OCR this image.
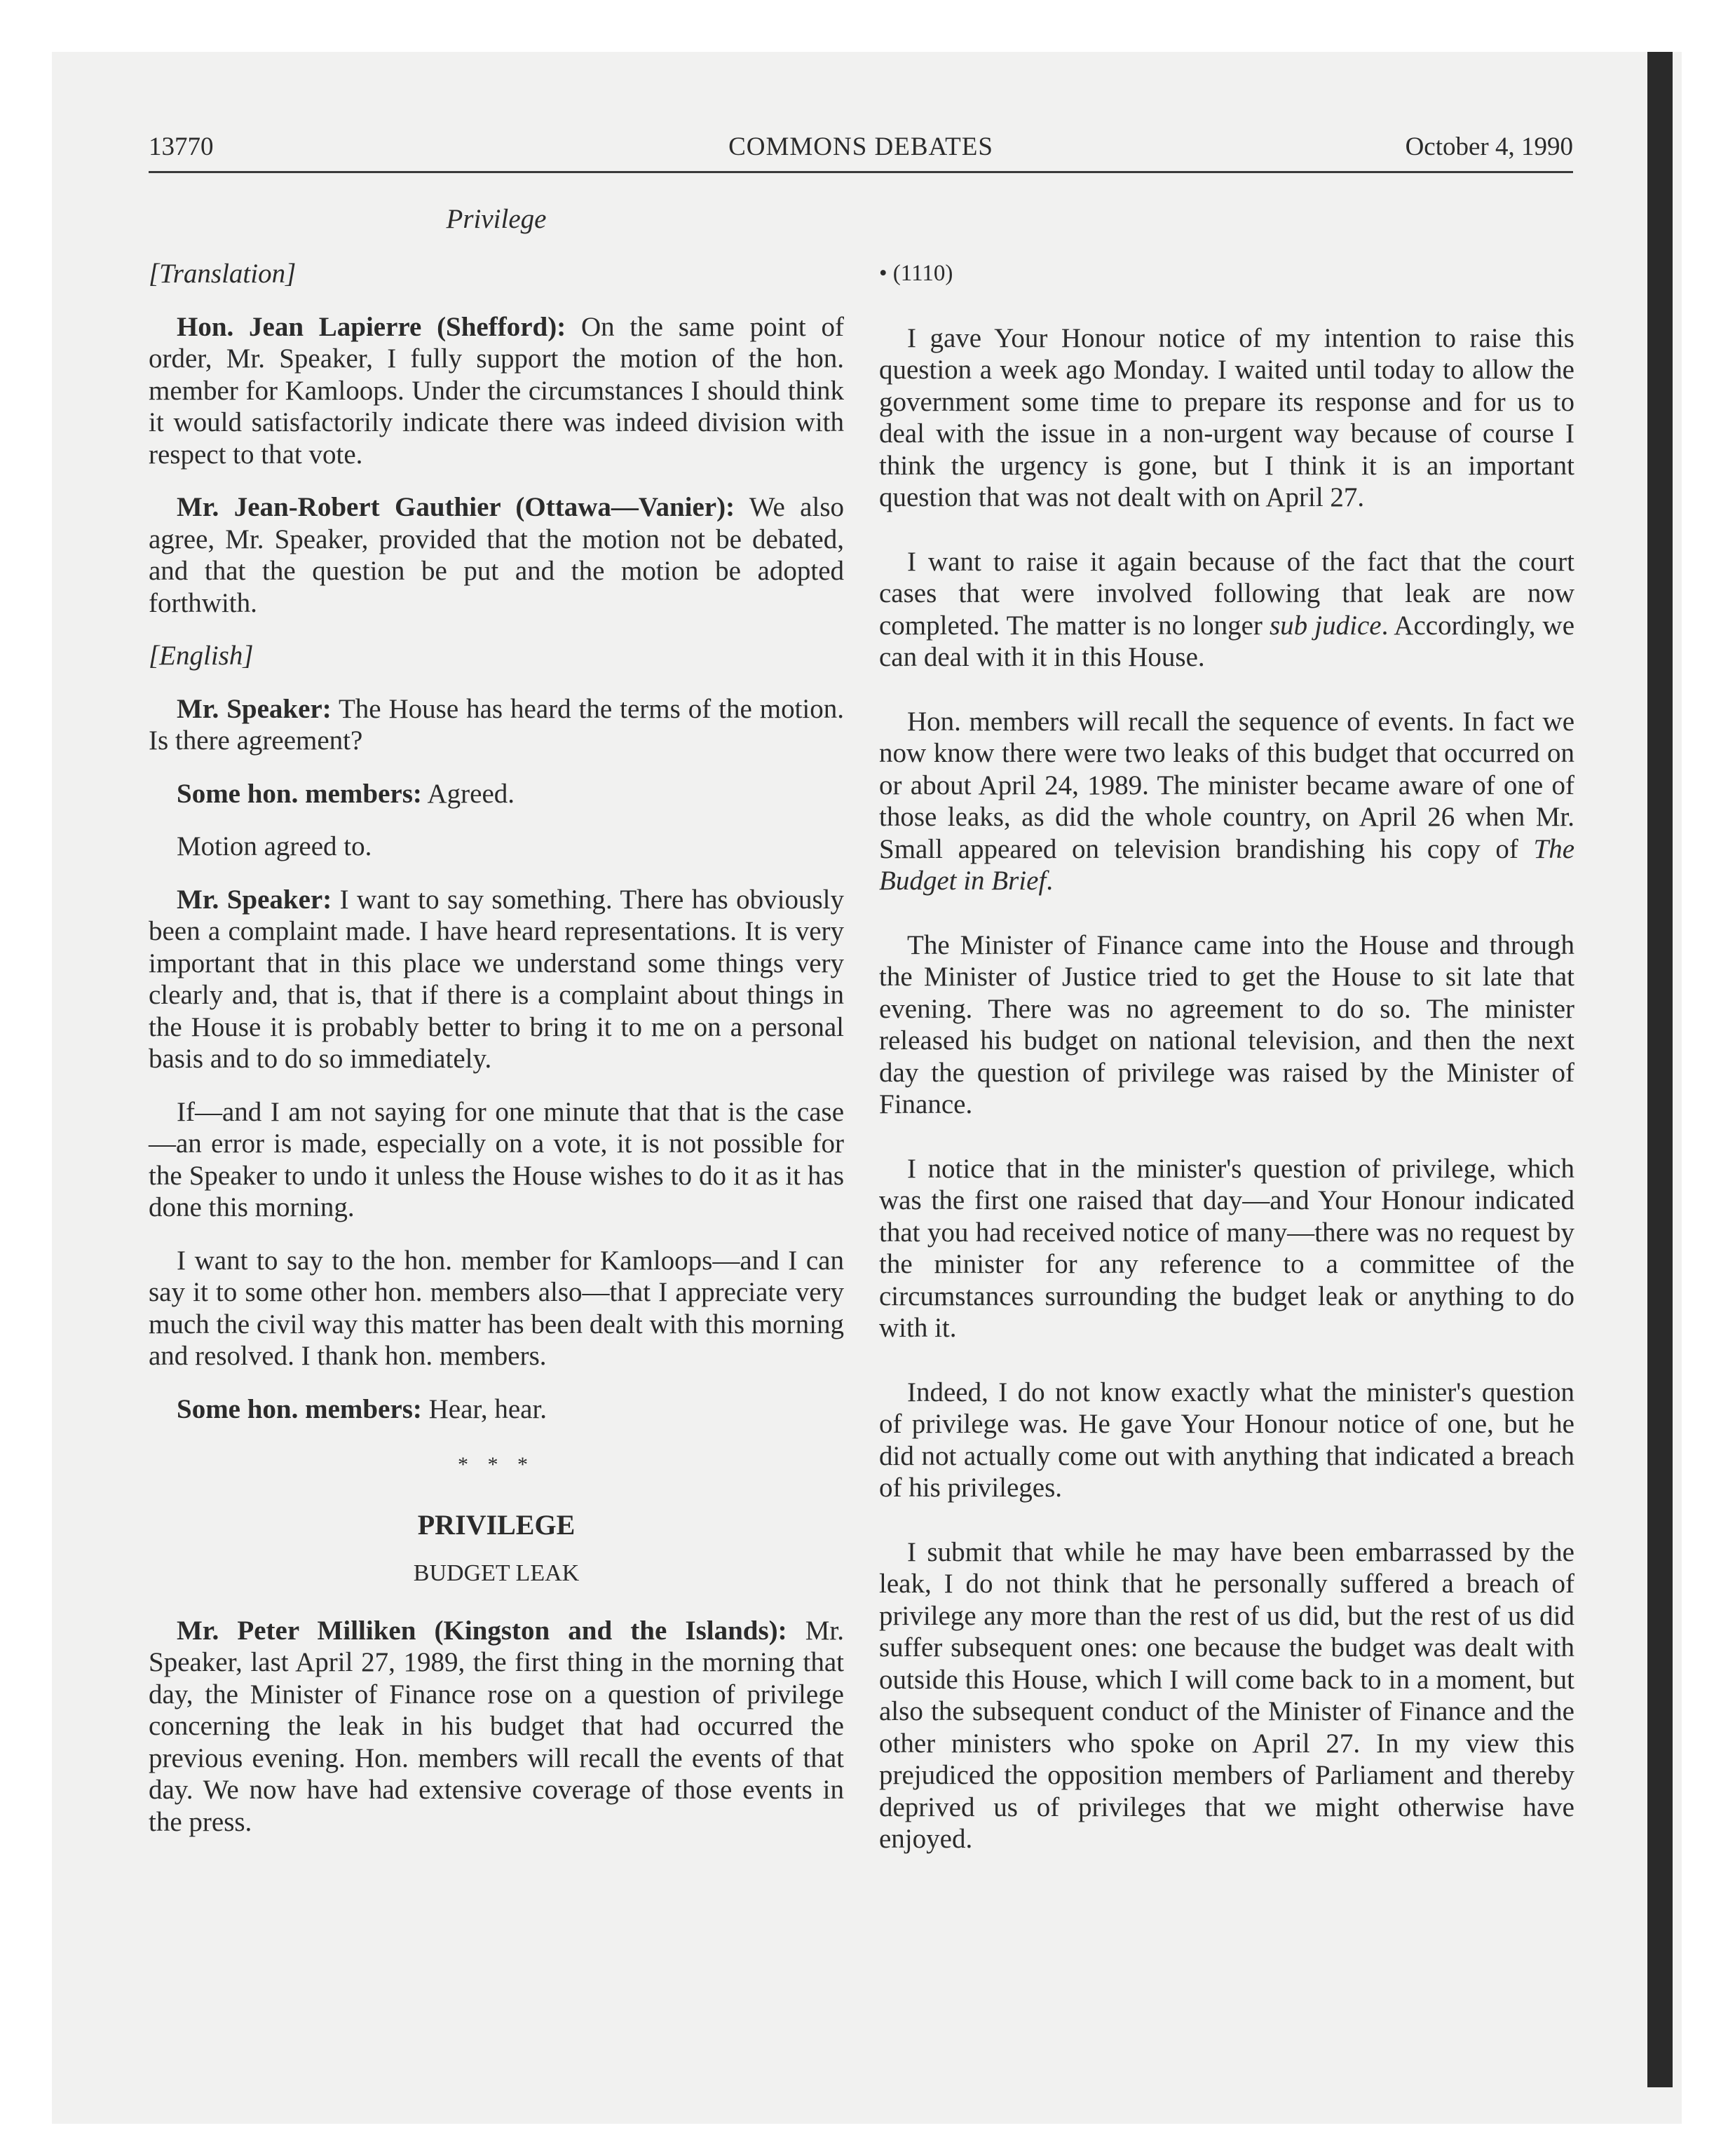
13770	COMMONS DEBATES	October 4, 1990
Privilege

[Translation]

Hon. Jean Lapierre (Shefford): On the same point of order, Mr. Speaker, I fully support the motion of the hon. member for Kamloops. Under the circumstances I should think it would satisfactorily indicate there was indeed division with respect to that vote.

Mr. Jean-Robert Gauthier (Ottawa—Vanier): We also agree, Mr. Speaker, provided that the motion not be debated, and that the question be put and the motion be adopted forthwith.

[English]

Mr. Speaker: The House has heard the terms of the motion. Is there agreement?

Some hon. members: Agreed.

Motion agreed to.

Mr. Speaker: I want to say something. There has obviously been a complaint made. I have heard representations. It is very important that in this place we understand some things very clearly and, that is, that if there is a complaint about things in the House it is probably better to bring it to me on a personal basis and to do so immediately.

If—and I am not saying for one minute that that is the case—an error is made, especially on a vote, it is not possible for the Speaker to undo it unless the House wishes to do it as it has done this morning.

I want to say to the hon. member for Kamloops—and I can say it to some other hon. members also—that I appreciate very much the civil way this matter has been dealt with this morning and resolved. I thank hon. members.

Some hon. members: Hear, hear.

* * *
PRIVILEGE
BUDGET LEAK

Mr. Peter Milliken (Kingston and the Islands): Mr. Speaker, last April 27, 1989, the first thing in the morning that day, the Minister of Finance rose on a question of privilege concerning the leak in his budget that had occurred the previous evening. Hon. members will recall the events of that day. We now have had extensive coverage of those events in the press.

• (1110)

I gave Your Honour notice of my intention to raise this question a week ago Monday. I waited until today to allow the government some time to prepare its response and for us to deal with the issue in a non-urgent way because of course I think the urgency is gone, but I think it is an important question that was not dealt with on April 27.

I want to raise it again because of the fact that the court cases that were involved following that leak are now completed. The matter is no longer sub judice. Accordingly, we can deal with it in this House.

Hon. members will recall the sequence of events. In fact we now know there were two leaks of this budget that occurred on or about April 24, 1989. The minister became aware of one of those leaks, as did the whole country, on April 26 when Mr. Small appeared on television brandishing his copy of The Budget in Brief.

The Minister of Finance came into the House and through the Minister of Justice tried to get the House to sit late that evening. There was no agreement to do so. The minister released his budget on national television, and then the next day the question of privilege was raised by the Minister of Finance.

I notice that in the minister's question of privilege, which was the first one raised that day—and Your Honour indicated that you had received notice of many—there was no request by the minister for any reference to a committee of the circumstances surrounding the budget leak or anything to do with it.

Indeed, I do not know exactly what the minister's question of privilege was. He gave Your Honour notice of one, but he did not actually come out with anything that indicated a breach of his privileges.

I submit that while he may have been embarrassed by the leak, I do not think that he personally suffered a breach of privilege any more than the rest of us did, but the rest of us did suffer subsequent ones: one because the budget was dealt with outside this House, which I will come back to in a moment, but also the subsequent conduct of the Minister of Finance and the other ministers who spoke on April 27. In my view this prejudiced the opposition members of Parliament and thereby deprived us of privileges that we might otherwise have enjoyed.
